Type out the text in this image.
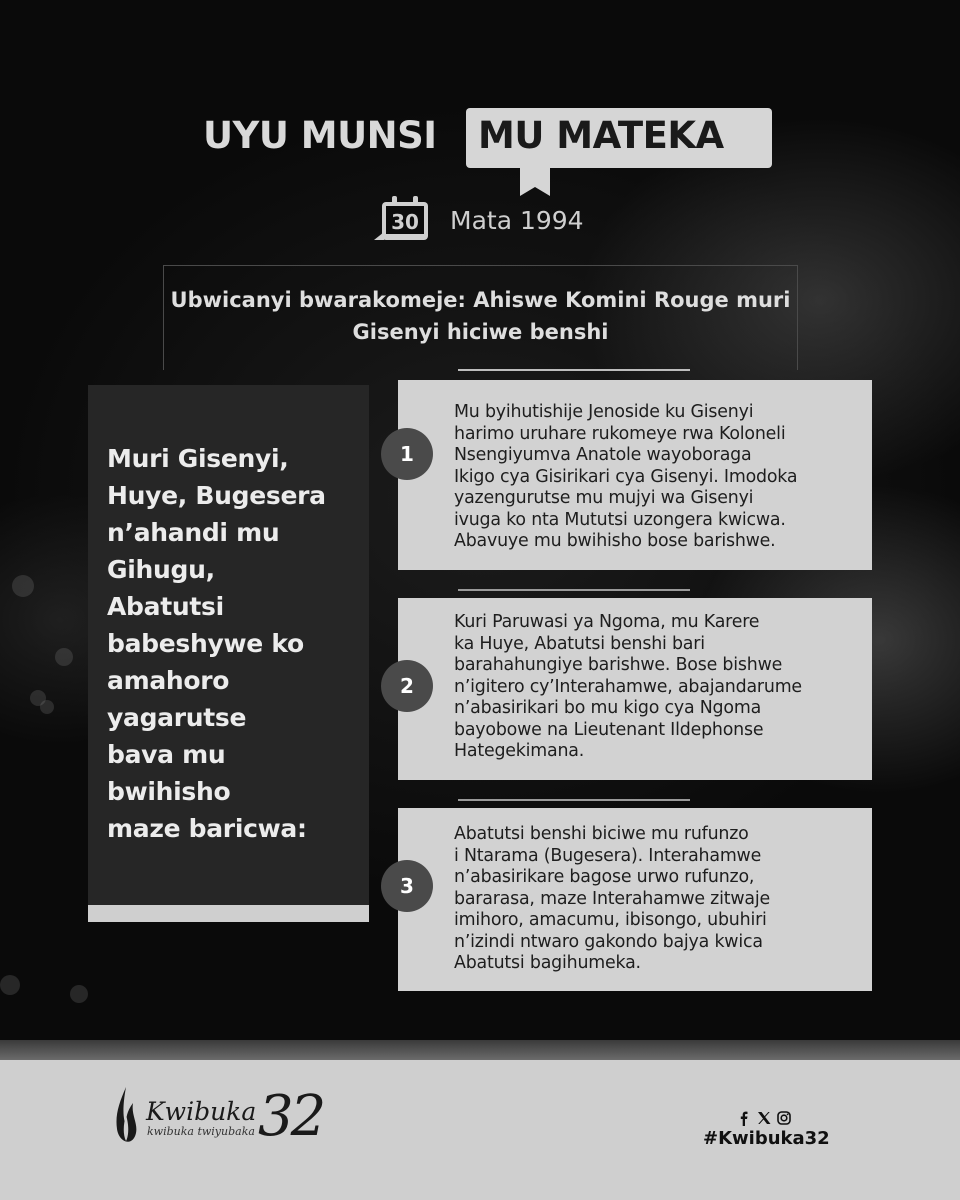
UYU MUNSI MU MATEKA
30 Mata 1994
Ubwicanyi bwarakomeje: Ahiswe Komini Rouge muri Gisenyi hiciwe benshi
Muri Gisenyi,
Huye, Bugesera
n’ahandi mu
Gihugu,
Abatutsi
babeshywe ko
amahoro
yagarutse
bava mu
bwihisho
maze baricwa:
Mu byihutishije Jenoside ku Gisenyi
harimo uruhare rukomeye rwa Koloneli
Nsengiyumva Anatole wayoboraga
Ikigo cya Gisirikari cya Gisenyi. Imodoka
yazengurutse mu mujyi wa Gisenyi
ivuga ko nta Mututsi uzongera kwicwa.
Abavuye mu bwihisho bose barishwe.
1
Kuri Paruwasi ya Ngoma, mu Karere
ka Huye, Abatutsi benshi bari
barahahungiye barishwe. Bose bishwe
n’igitero cy’Interahamwe, abajandarume
n’abasirikari bo mu kigo cya Ngoma
bayobowe na Lieutenant Ildephonse
Hategekimana.
2
Abatutsi benshi biciwe mu rufunzo
i Ntarama (Bugesera). Interahamwe
n’abasirikare bagose urwo rufunzo,
bararasa, maze Interahamwe zitwaje
imihoro, amacumu, ibisongo, ubuhiri
n’izindi ntwaro gakondo bajya kwica
Abatutsi bagihumeka.
3
Kwibuka
kwibuka twiyubaka 32	#Kwibuka32
